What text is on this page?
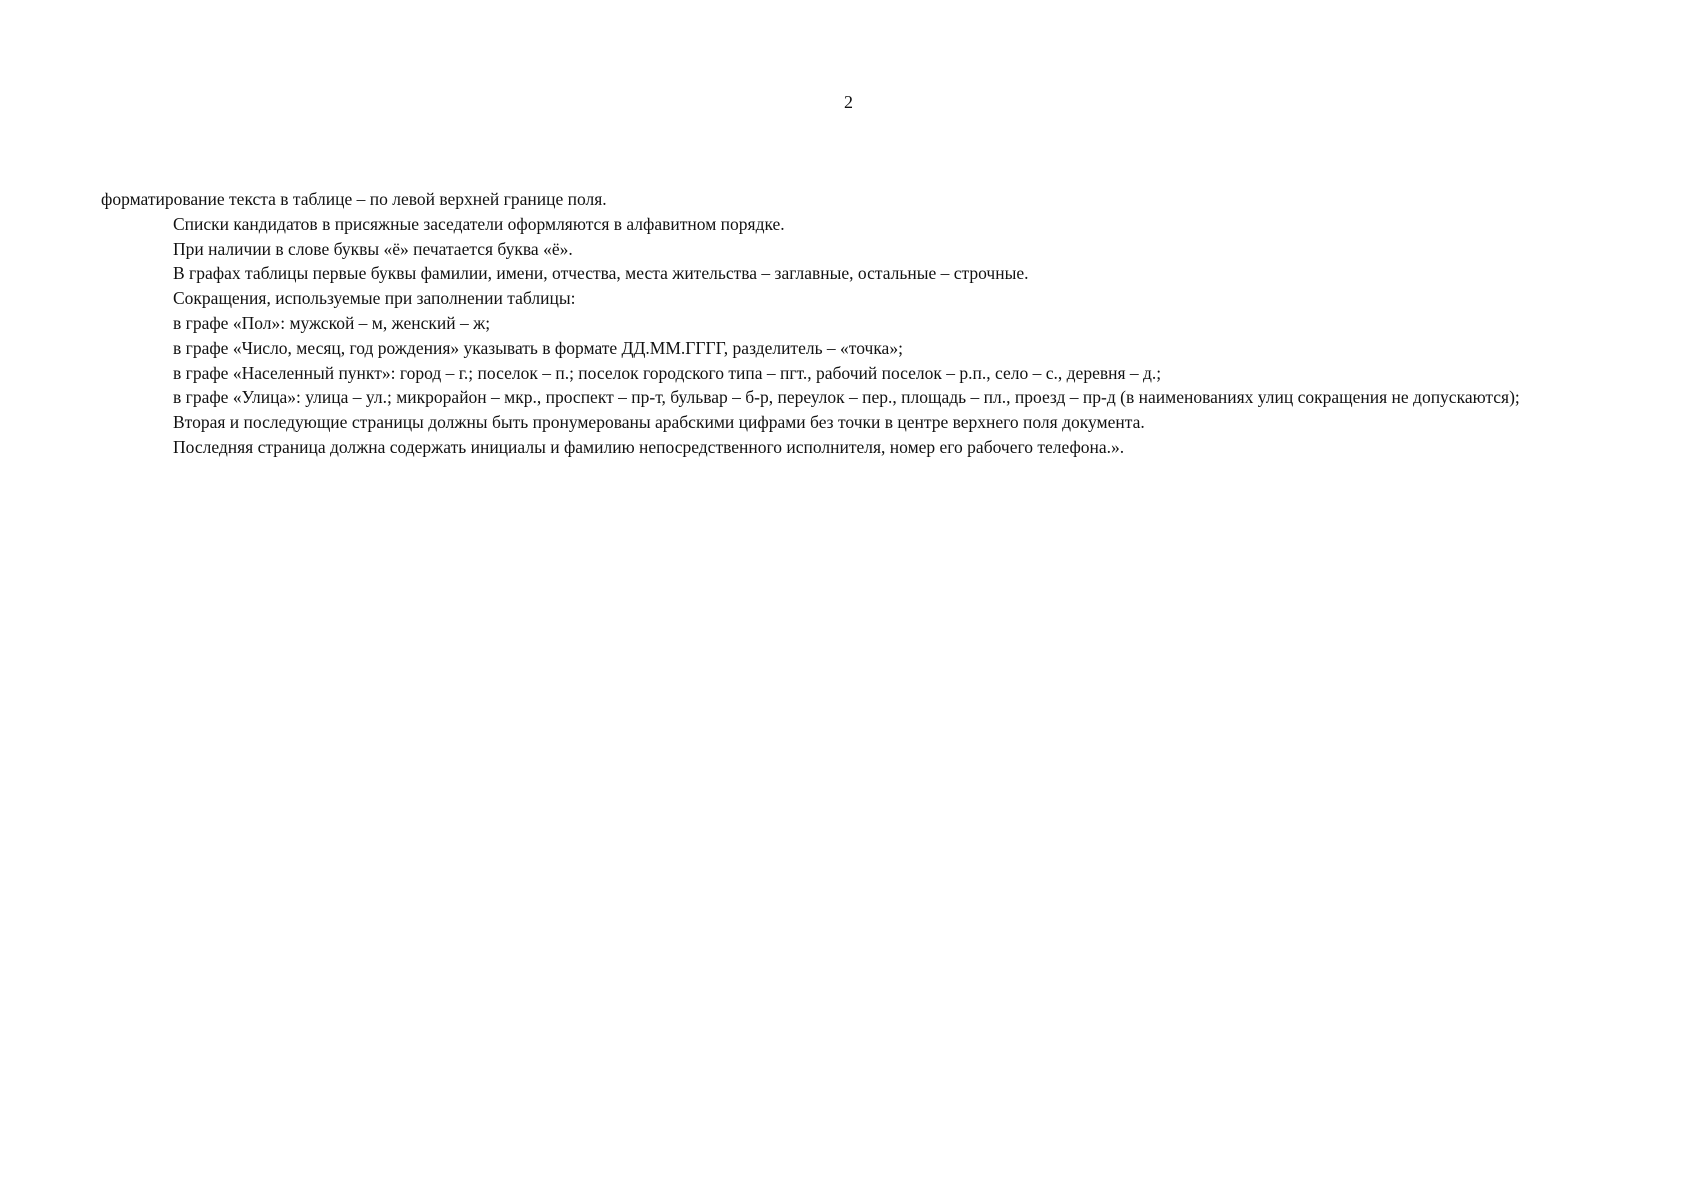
2

форматирование текста в таблице – по левой верхней границе поля.

Списки кандидатов в присяжные заседатели оформляются в алфавитном порядке.

При наличии в слове буквы «ё» печатается буква «ё».

В графах таблицы первые буквы фамилии, имени, отчества, места жительства – заглавные, остальные – строчные.

Сокращения, используемые при заполнении таблицы:

в графе «Пол»: мужской – м, женский – ж;

в графе «Число, месяц, год рождения» указывать в формате ДД.ММ.ГГГГ, разделитель – «точка»;

в графе «Населенный пункт»: город – г.; поселок – п.; поселок городского типа – пгт., рабочий поселок – р.п., село – с., деревня – д.;

в графе «Улица»: улица – ул.; микрорайон – мкр., проспект – пр-т, бульвар – б-р, переулок – пер., площадь – пл., проезд – пр-д (в наименованиях улиц сокращения не допускаются);

Вторая и последующие страницы должны быть пронумерованы арабскими цифрами без точки в центре верхнего поля документа.

Последняя страница должна содержать инициалы и фамилию непосредственного исполнителя, номер его рабочего телефона.».
